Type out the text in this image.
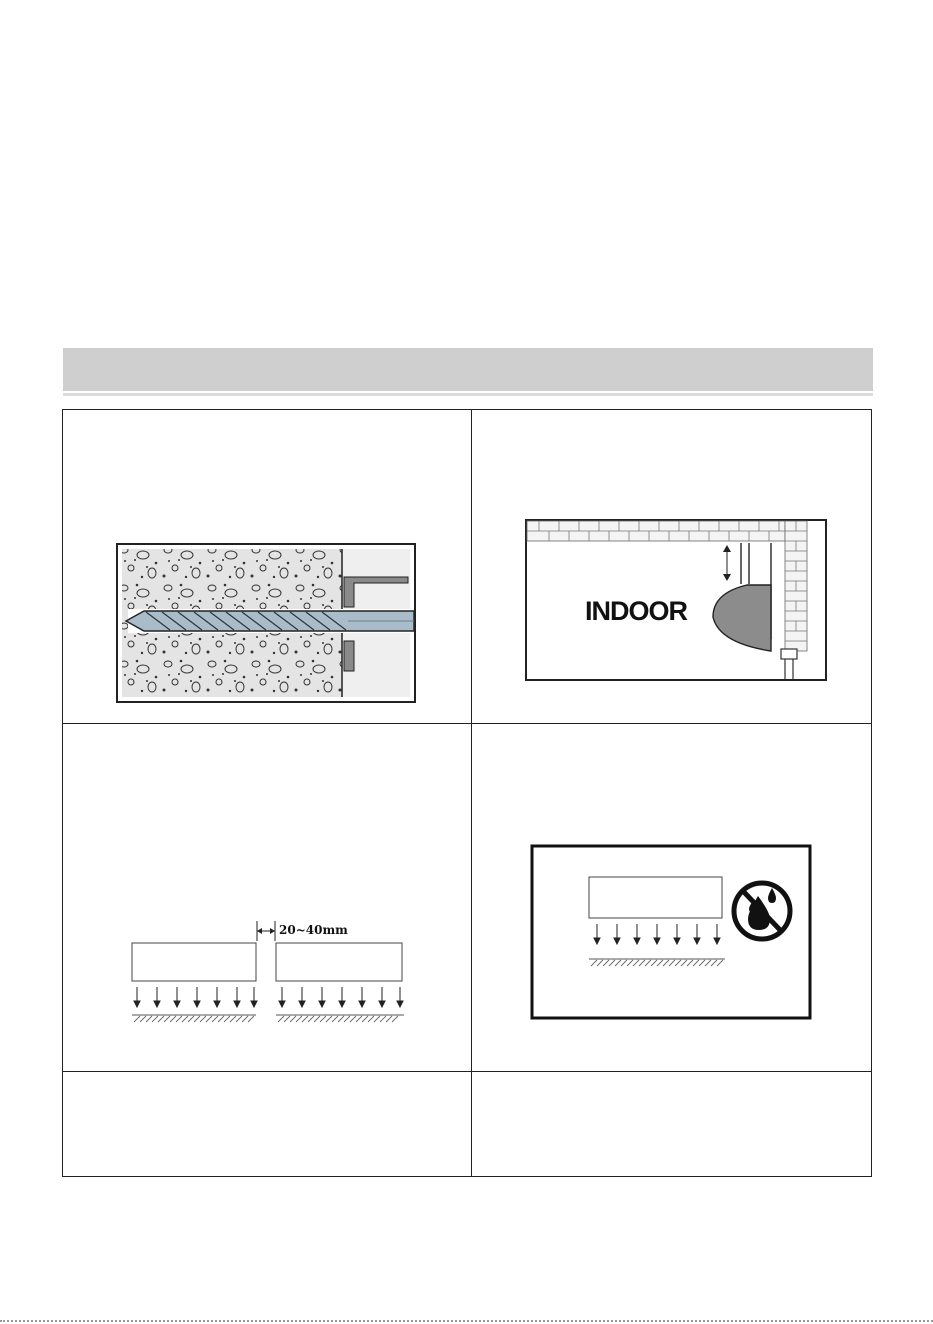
INDOOR
20~40mm
